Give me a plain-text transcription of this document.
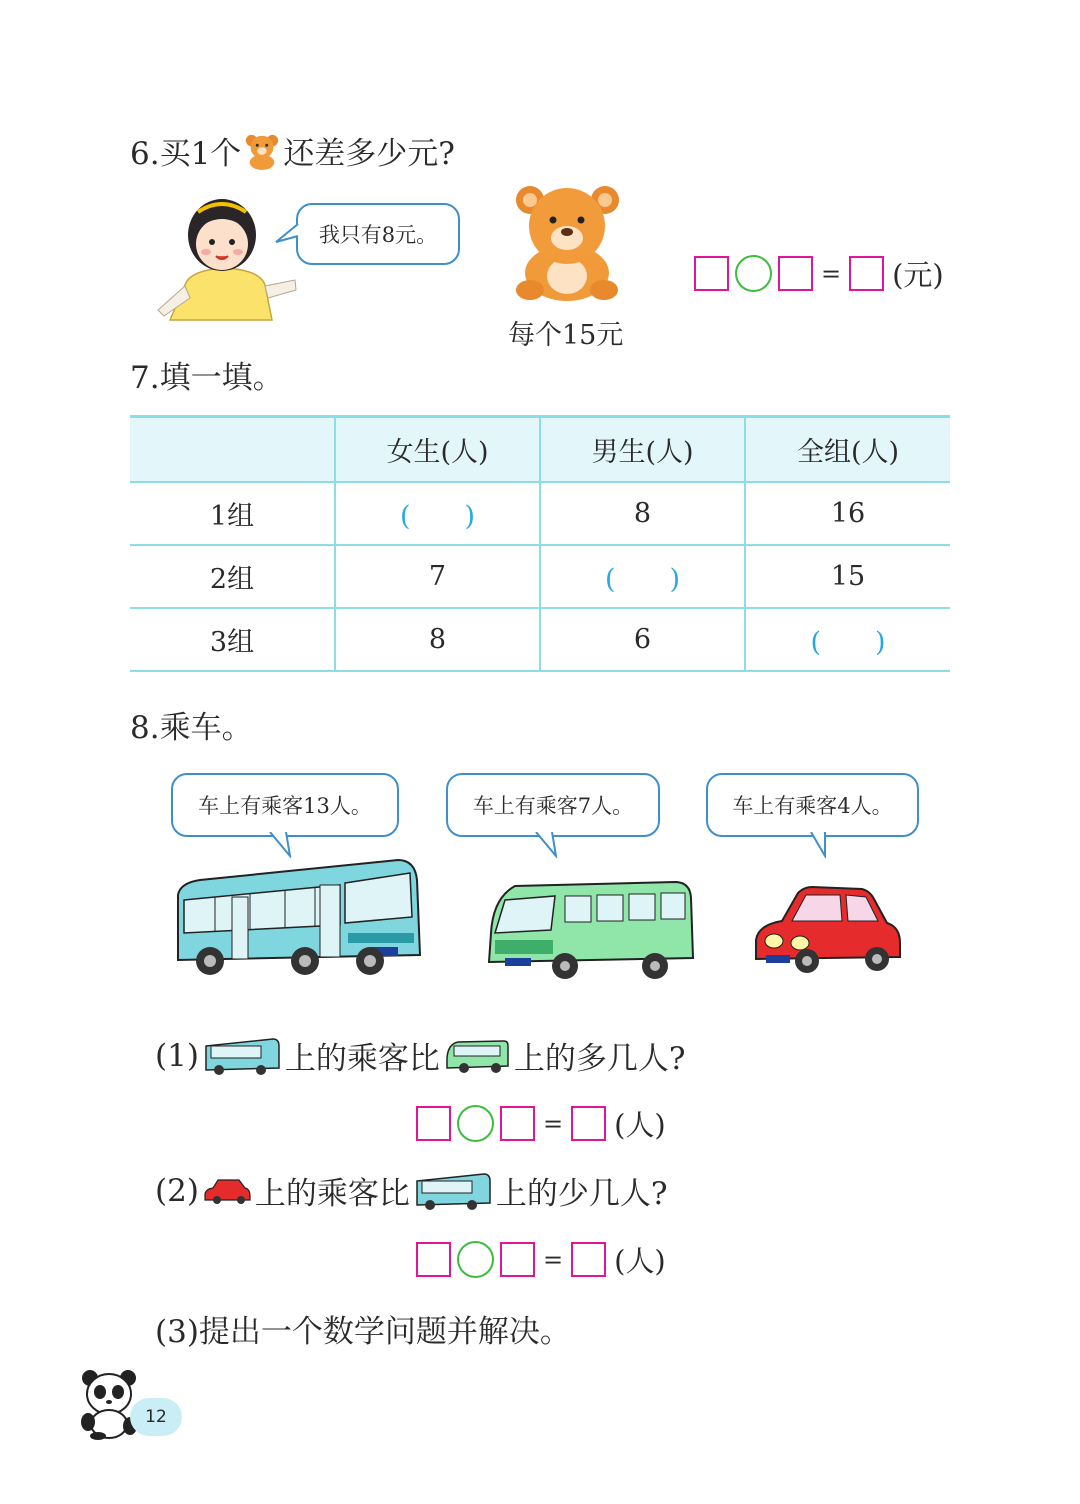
6.买1个 还差多少元?
我只有8元。
每个15元
= (元)
7.填一填。
	女生(人)	男生(人)	全组(人)
1组	(　　)	8	16
2组	7	(　　)	15
3组	8	6	(　　)
8.乘车。
车上有乘客13人。	车上有乘客7人。	车上有乘客4人。
(1)	上的乘客比 上的多几人?
= (人)
(2) 上的乘客比	上的少几人?
= (人)
(3)提出一个数学问题并解决。
12
